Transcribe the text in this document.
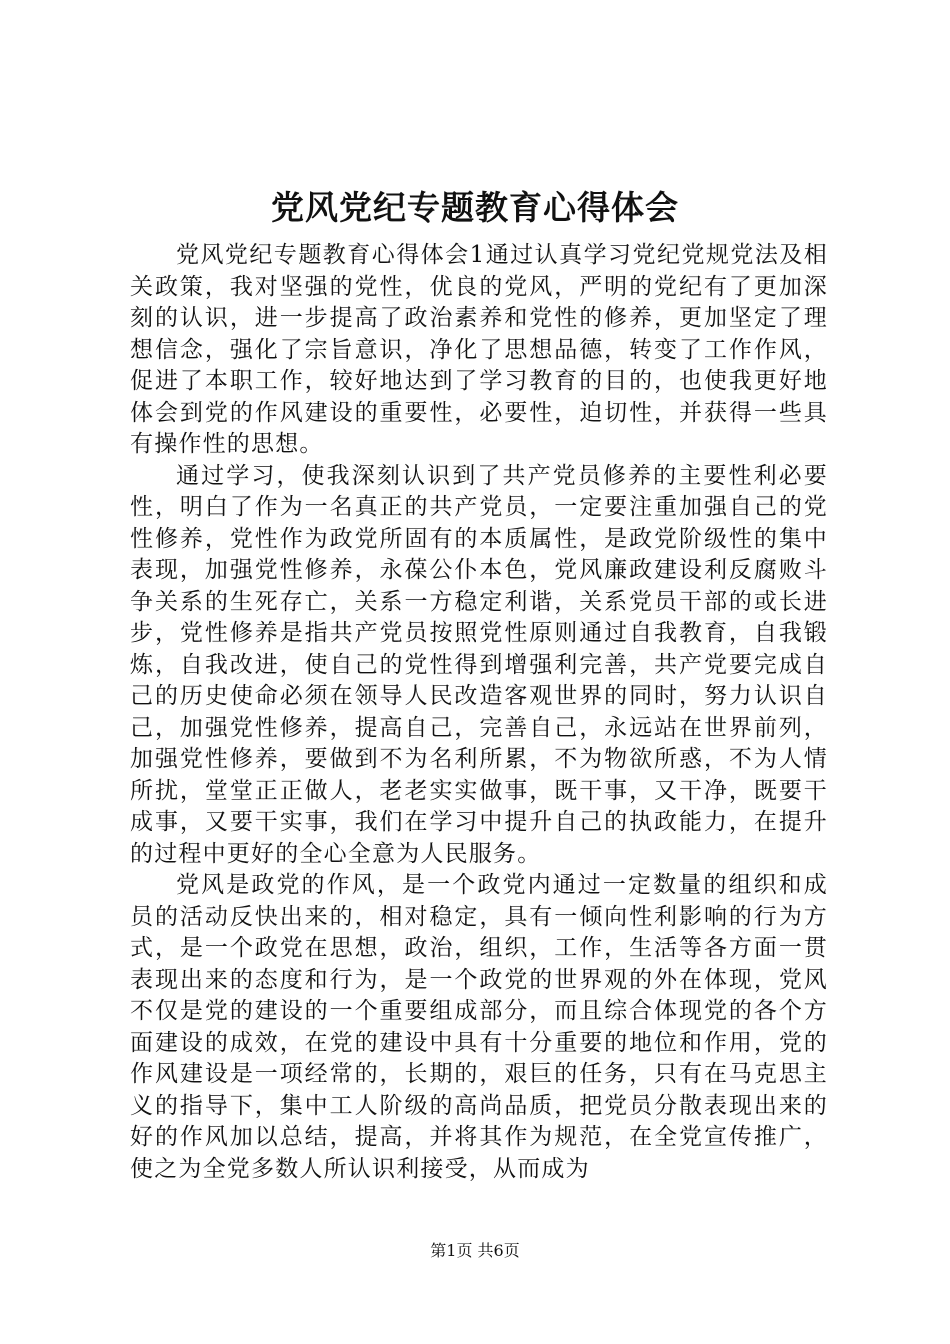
党风党纪专题教育心得体会

党风党纪专题教育心得体会1通过认真学习党纪党规党法及相关政策，我对坚强的党性，优良的党风，严明的党纪有了更加深刻的认识，进一步提高了政治素养和党性的修养，更加坚定了理想信念，强化了宗旨意识，净化了思想品德，转变了工作作风，促进了本职工作，较好地达到了学习教育的目的，也使我更好地体会到党的作风建设的重要性，必要性，迫切性，并获得一些具有操作性的思想。

通过学习，使我深刻认识到了共产党员修养的主要性利必要性，明白了作为一名真正的共产党员，一定要注重加强自己的党性修养，党性作为政党所固有的本质属性，是政党阶级性的集中表现，加强党性修养，永葆公仆本色，党风廉政建设利反腐败斗争关系的生死存亡，关系一方稳定利谐，关系党员干部的或长进步，党性修养是指共产党员按照党性原则通过自我教育，自我锻炼，自我改进，使自己的党性得到增强利完善，共产党要完成自己的历史使命必须在领导人民改造客观世界的同时，努力认识自己，加强党性修养，提高自己，完善自己，永远站在世界前列，加强党性修养，要做到不为名利所累，不为物欲所惑，不为人情所扰，堂堂正正做人，老老实实做事，既干事，又干净，既要干成事，又要干实事，我们在学习中提升自己的执政能力，在提升的过程中更好的全心全意为人民服务。

党风是政党的作风，是一个政党内通过一定数量的组织和成员的活动反快出来的，相对稳定，具有一倾向性利影响的行为方式，是一个政党在思想，政治，组织，工作，生活等各方面一贯表现出来的态度和行为，是一个政党的世界观的外在体现，党风不仅是党的建设的一个重要组成部分，而且综合体现党的各个方面建设的成效，在党的建设中具有十分重要的地位和作用，党的作风建设是一项经常的，长期的，艰巨的任务，只有在马克思主义的指导下，集中工人阶级的高尚品质，把党员分散表现出来的好的作风加以总结，提高，并将其作为规范，在全党宣传推广，使之为全党多数人所认识利接受，从而成为

第1页 共6页
